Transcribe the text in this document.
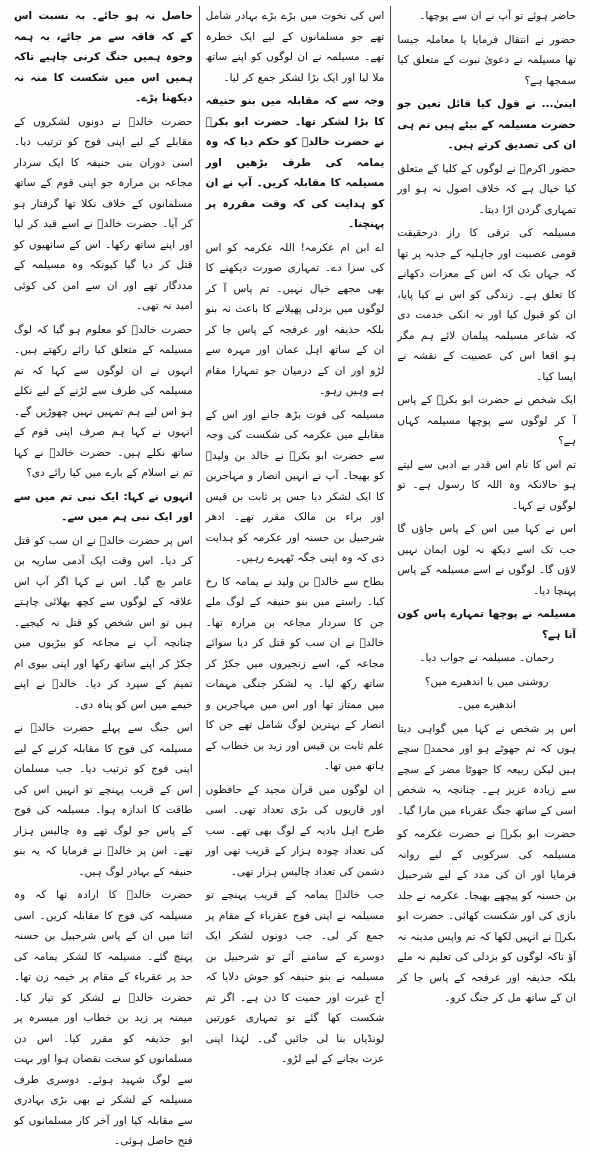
حاضر ہوئے تو آپ نے ان سے پوچھا۔

حضور نے انتقال فرمایا یا معاملہ جیسا تھا مسیلمہ نے دعویٰ نبوت کے متعلق کیا سمجھا ہے؟

ابنیٰ... نے قول کیا قائل تعین جو حضرت مسیلمہ کے بیٹے ہیں تم ہی ان کی تصدیق کرتے ہیں۔

حضور اکرمؐ نے لوگوں کے کلیا کے متعلق کیا خیال ہے کہ خلاف اصول نہ ہو اور تمہاری گردن اڑا دیتا۔

مسیلمہ کی ترقی کا راز درحقیقت قومی عصبیت اور جاہلیہ کے جذبہ پر تھا کہ جہاں تک کہ اس کے معزات دکھانے کا تعلق ہے۔ زندگی کو اس نے کیا پایا، ان کو قبول کیا اور نہ انکی خدمت دی کہ شاعر مسیلمہ پیلمان لائے ہم مگر ہو اقعا اس کی عصبیت کے نقشہ نے ایسا کیا۔

ایک شخص نے حضرت ابو بکرؓ کے پاس آ کر لوگوں سے پوچھا مسیلمہ کہاں ہے؟

تم اس کا نام اس قدر بے ادبی سے لیتے ہو حالانکہ وہ اللہ کا رسول ہے۔ تو لوگوں نے کہا۔

اس نے کہا میں اس کے پاس جاؤں گا جب تک اسے دیکھ نہ لوں ایمان نہیں لاؤں گا۔ لوگوں نے اسے مسیلمہ کے پاس پہنچا دیا۔

مسیلمہ نے پوچھا تمہارے پاس کون آتا ہے؟

رحمان۔ مسیلمہ نے جواب دیا۔

روشنی میں یا اندھیرے میں؟

اندھیرے میں۔

اس پر شخص نے کہا میں گواہی دیتا ہوں کہ تم جھوٹے ہو اور محمدؐ سچے ہیں لیکن ربیعہ کا جھوٹا مضر کے سچے سے زیادہ عزیز ہے۔ چنانچہ یہ شخص اسی کے ساتھ جنگ عقرباء میں مارا گیا۔

حضرت ابو بکرؓ نے حضرت عکرمہ کو مسیلمہ کی سرکوبی کے لیے روانہ فرمایا اور ان کی مدد کے لیے شرحبیل بن حسنہ کو پیچھے بھیجا۔ عکرمہ نے جلد بازی کی اور شکست کھائی۔ حضرت ابو بکرؓ نے انہیں لکھا کہ تم واپس مدینہ نہ آؤ تاکہ لوگوں کو بزدلی کی تعلیم نہ ملے بلکہ حذیفہ اور عرفجہ کے پاس جا کر ان کے ساتھ مل کر جنگ کرو۔

اس کی نخوت میں بڑے بڑے بہادر شامل تھے جو مسلمانوں کے لیے ایک خطرہ تھے۔ مسیلمہ نے ان لوگوں کو اپنے ساتھ ملا لیا اور ایک بڑا لشکر جمع کر لیا۔

وجہ سے کہ مقابلہ میں بنو حنیفہ کا بڑا لشکر تھا۔ حضرت ابو بکرؓ نے حضرت خالدؓ کو حکم دیا کہ وہ یمامہ کی طرف بڑھیں اور مسیلمہ کا مقابلہ کریں۔ آپ نے ان کو ہدایت کی کہ وقت مقررہ پر پہنچنا۔

اے ابن ام عکرمہ! اللہ عکرمہ کو اس کی سزا دے۔ تمہاری صورت دیکھنے کا بھی مجھے خیال نہیں۔ تم پاس آ کر لوگوں میں بزدلی پھیلانے کا باعث نہ بنو بلکہ حذیفہ اور عرفجہ کے پاس جا کر ان کے ساتھ اہل عمان اور مہرہ سے لڑو اور ان کے درمیان جو تمہارا مقام ہے وہیں رہو۔

مسیلمہ کی قوت بڑھ جانے اور اس کے مقابلے میں عکرمہ کی شکست کی وجہ سے حضرت ابو بکرؓ نے خالد بن ولیدؓ کو بھیجا۔ آپ نے انہیں انصار و مہاجرین کا ایک لشکر دیا جس پر ثابت بن قیس اور براء بن مالک مقرر تھے۔ ادھر شرحبیل بن حسنہ اور عکرمہ کو ہدایت دی کہ وہ اپنی جگہ ٹھہرے رہیں۔

بطاح سے خالدؓ بن ولید نے یمامہ کا رخ کیا۔ راستے میں بنو حنیفہ کے لوگ ملے جن کا سردار مجاعہ بن مرارہ تھا۔ خالدؓ نے ان سب کو قتل کر دیا سوائے مجاعہ کے، اسے زنجیروں میں جکڑ کر ساتھ رکھ لیا۔ یہ لشکر جنگی مہمات میں ممتاز تھا اور اس میں مہاجرین و انصار کے بہترین لوگ شامل تھے جن کا علم ثابت بن قیس اور زید بن خطاب کے ہاتھ میں تھا۔

ان لوگوں میں قرآن مجید کے حافظوں اور قاریوں کی بڑی تعداد تھی۔ اسی طرح اہل بادیہ کے لوگ بھی تھے۔ سب کی تعداد چودہ ہزار کے قریب تھی اور دشمن کی تعداد چالیس ہزار تھی۔

جب خالدؓ یمامہ کے قریب پہنچے تو مسیلمہ نے اپنی فوج عقرباء کے مقام پر جمع کر لی۔ جب دونوں لشکر ایک دوسرے کے سامنے آئے تو شرحبیل بن مسیلمہ نے بنو حنیفہ کو جوش دلایا کہ آج غیرت اور حمیت کا دن ہے۔ اگر تم شکست کھا گئے تو تمہاری عورتیں لونڈیاں بنا لی جائیں گی۔ لہٰذا اپنی عزت بچانے کے لیے لڑو۔

حاصل نہ ہو جائے۔ بہ نسبت اس کے کہ فاقہ سے مر جائے، بہ ہمہ وجوہ ہمیں جنگ کرنی چاہیے تاکہ ہمیں اس میں شکست کا منہ نہ دیکھنا پڑے۔

حضرت خالدؓ نے دونوں لشکروں کے مقابلے کے لیے اپنی فوج کو ترتیب دیا۔ اسی دوران بنی حنیفہ کا ایک سردار مجاعہ بن مرارہ جو اپنی قوم کے ساتھ مسلمانوں کے خلاف نکلا تھا گرفتار ہو کر آیا۔ حضرت خالدؓ نے اسے قید کر لیا اور اپنے ساتھ رکھا۔ اس کے ساتھیوں کو قتل کر دیا گیا کیونکہ وہ مسیلمہ کے مددگار تھے اور ان سے امن کی کوئی امید نہ تھی۔

حضرت خالدؓ کو معلوم ہو گیا کہ لوگ مسیلمہ کے متعلق کیا رائے رکھتے ہیں۔ انہوں نے ان لوگوں سے کہا کہ تم مسیلمہ کی طرف سے لڑنے کے لیے نکلے ہو اس لیے ہم تمہیں نہیں چھوڑیں گے۔ انہوں نے کہا ہم صرف اپنی قوم کے ساتھ نکلے ہیں۔ حضرت خالدؓ نے کہا تم نے اسلام کے بارے میں کیا رائے دی؟

انہوں نے کہا: ایک نبی تم میں سے اور ایک نبی ہم میں سے۔

اس پر حضرت خالدؓ نے ان سب کو قتل کر دیا۔ اس وقت ایک آدمی ساریہ بن عامر بچ گیا۔ اس نے کہا اگر آپ اس علاقہ کے لوگوں سے کچھ بھلائی چاہتے ہیں تو اس شخص کو قتل نہ کیجیے۔ چنانچہ آپ نے مجاعہ کو بیڑیوں میں جکڑ کر اپنے ساتھ رکھا اور اپنی بیوی ام تمیم کے سپرد کر دیا۔ خالدؓ نے اپنے خیمے میں اس کو پناہ دی۔

اس جنگ سے پہلے حضرت خالدؓ نے مسیلمہ کی فوج کا مقابلہ کرنے کے لیے اپنی فوج کو ترتیب دیا۔ جب مسلمان اس کے قریب پہنچے تو انہیں اس کی طاقت کا اندازہ ہوا۔ مسیلمہ کی فوج کے پاس جو لوگ تھے وہ چالیس ہزار تھے۔ اس پر خالدؓ نے فرمایا کہ یہ بنو حنیفہ کے بہادر لوگ ہیں۔

حضرت خالدؓ کا ارادہ تھا کہ وہ مسیلمہ کی فوج کا مقابلہ کریں۔ اسی اثنا میں ان کے پاس شرحبیل بن حسنہ پہنچ گئے۔ مسیلمہ کا لشکر یمامہ کی حد پر عقرباء کے مقام پر خیمہ زن تھا۔ حضرت خالدؓ نے لشکر کو تیار کیا۔ میمنہ پر زید بن خطاب اور میسرہ پر ابو حذیفہ کو مقرر کیا۔ اس دن مسلمانوں کو سخت نقصان ہوا اور بہت سے لوگ شہید ہوئے۔ دوسری طرف مسیلمہ کے لشکر نے بھی بڑی بہادری سے مقابلہ کیا اور آخر کار مسلمانوں کو فتح حاصل ہوئی۔
